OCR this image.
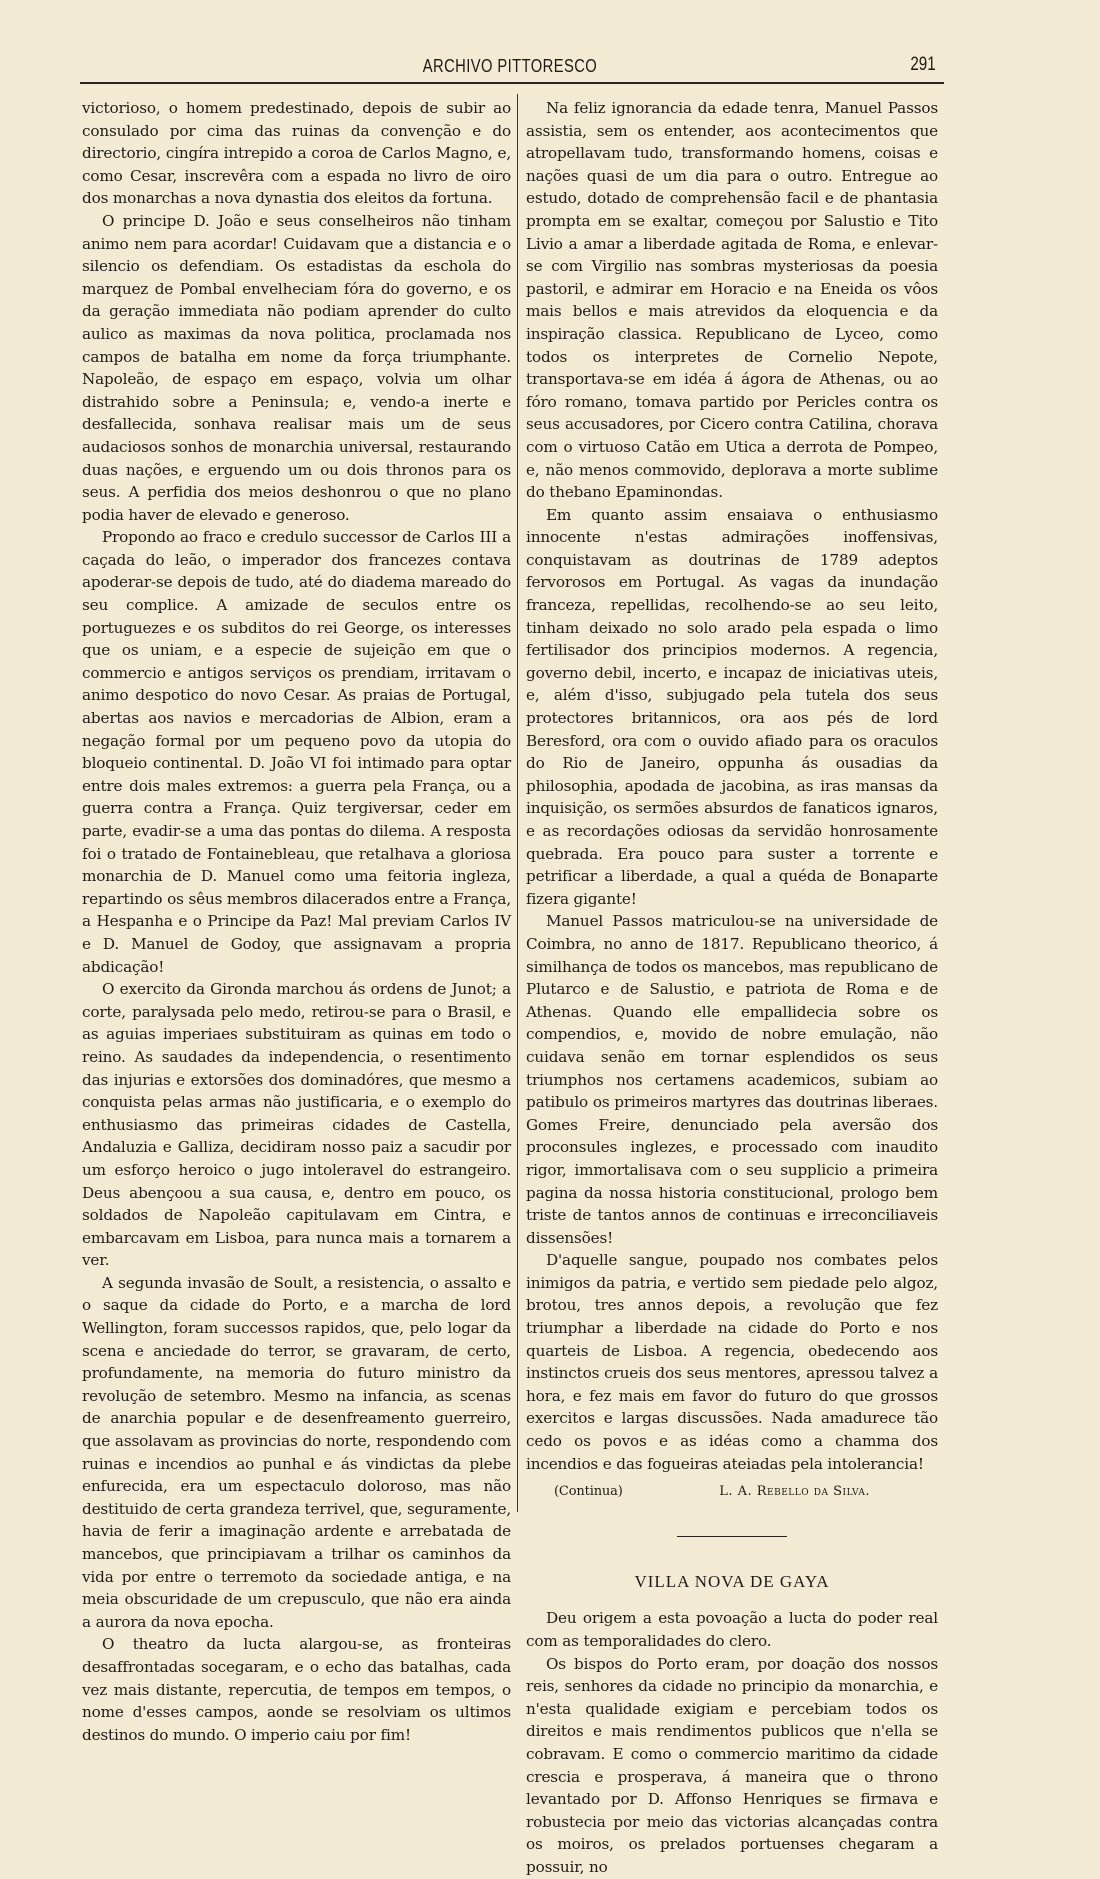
ARCHIVO PITTORESCO	291

victorioso, o homem predestinado, depois de subir ao consulado por cima das ruinas da convenção e do directorio, cingíra intrepido a coroa de Carlos Magno, e, como Cesar, inscrevêra com a espada no livro de oiro dos monarchas a nova dynastia dos eleitos da fortuna.

O principe D. João e seus conselheiros não tinham animo nem para acordar! Cuidavam que a distancia e o silencio os defendiam. Os estadistas da eschola do marquez de Pombal envelheciam fóra do governo, e os da geração immediata não podiam aprender do culto aulico as maximas da nova politica, proclamada nos campos de batalha em nome da força triumphante. Napoleão, de espaço em espaço, volvia um olhar distrahido sobre a Peninsula; e, vendo-a inerte e desfallecida, sonhava realisar mais um de seus audaciosos sonhos de monarchia universal, restaurando duas nações, e erguendo um ou dois thronos para os seus. A perfidia dos meios deshonrou o que no plano podia haver de elevado e generoso.

Propondo ao fraco e credulo successor de Carlos III a caçada do leão, o imperador dos francezes contava apoderar-se depois de tudo, até do diadema mareado do seu complice. A amizade de seculos entre os portuguezes e os subditos do rei George, os interesses que os uniam, e a especie de sujeição em que o commercio e antigos serviços os prendiam, irritavam o animo despotico do novo Cesar. As praias de Portugal, abertas aos navios e mercadorias de Albion, eram a negação formal por um pequeno povo da utopia do bloqueio continental. D. João VI foi intimado para optar entre dois males extremos: a guerra pela França, ou a guerra contra a França. Quiz tergiversar, ceder em parte, evadir-se a uma das pontas do dilema. A resposta foi o tratado de Fontainebleau, que retalhava a gloriosa monarchia de D. Manuel como uma feitoria ingleza, repartindo os sêus membros dilacerados entre a França, a Hespanha e o Principe da Paz! Mal previam Carlos IV e D. Manuel de Godoy, que assignavam a propria abdicação!

O exercito da Gironda marchou ás ordens de Junot; a corte, paralysada pelo medo, retirou-se para o Brasil, e as aguias imperiaes substituiram as quinas em todo o reino. As saudades da independencia, o resentimento das injurias e extorsões dos dominadóres, que mesmo a conquista pelas armas não justificaria, e o exemplo do enthusiasmo das primeiras cidades de Castella, Andaluzia e Galliza, decidiram nosso paiz a sacudir por um esforço heroico o jugo intoleravel do estrangeiro. Deus abençoou a sua causa, e, dentro em pouco, os soldados de Napoleão capitulavam em Cintra, e embarcavam em Lisboa, para nunca mais a tornarem a ver.

A segunda invasão de Soult, a resistencia, o assalto e o saque da cidade do Porto, e a marcha de lord Wellington, foram successos rapidos, que, pelo logar da scena e anciedade do terror, se gravaram, de certo, profundamente, na memoria do futuro ministro da revolução de setembro. Mesmo na infancia, as scenas de anarchia popular e de desenfreamento guerreiro, que assolavam as provincias do norte, respondendo com ruinas e incendios ao punhal e ás vindictas da plebe enfurecida, era um espectaculo doloroso, mas não destituido de certa grandeza terrivel, que, seguramente, havia de ferir a imaginação ardente e arrebatada de mancebos, que principiavam a trilhar os caminhos da vida por entre o terremoto da sociedade antiga, e na meia obscuridade de um crepusculo, que não era ainda a aurora da nova epocha.

O theatro da lucta alargou-se, as fronteiras desaffrontadas socegaram, e o echo das batalhas, cada vez mais distante, repercutia, de tempos em tempos, o nome d'esses campos, aonde se resolviam os ultimos destinos do mundo. O imperio caiu por fim!

Na feliz ignorancia da edade tenra, Manuel Passos assistia, sem os entender, aos acontecimentos que atropellavam tudo, transformando homens, coisas e nações quasi de um dia para o outro. Entregue ao estudo, dotado de comprehensão facil e de phantasia prompta em se exaltar, começou por Salustio e Tito Livio a amar a liberdade agitada de Roma, e enlevar-se com Virgilio nas sombras mysteriosas da poesia pastoril, e admirar em Horacio e na Eneida os vôos mais bellos e mais atrevidos da eloquencia e da inspiração classica. Republicano de Lyceo, como todos os interpretes de Cornelio Nepote, transportava-se em idéa á ágora de Athenas, ou ao fóro romano, tomava partido por Pericles contra os seus accusadores, por Cicero contra Catilina, chorava com o virtuoso Catão em Utica a derrota de Pompeo, e, não menos commovido, deplorava a morte sublime do thebano Epaminondas.

Em quanto assim ensaiava o enthusiasmo innocente n'estas admirações inoffensivas, conquistavam as doutrinas de 1789 adeptos fervorosos em Portugal. As vagas da inundação franceza, repellidas, recolhendo-se ao seu leito, tinham deixado no solo arado pela espada o limo fertilisador dos principios modernos. A regencia, governo debil, incerto, e incapaz de iniciativas uteis, e, além d'isso, subjugado pela tutela dos seus protectores britannicos, ora aos pés de lord Beresford, ora com o ouvido afiado para os oraculos do Rio de Janeiro, oppunha ás ousadias da philosophia, apodada de jacobina, as iras mansas da inquisição, os sermões absurdos de fanaticos ignaros, e as recordações odiosas da servidão honrosamente quebrada. Era pouco para suster a torrente e petrificar a liberdade, a qual a quéda de Bonaparte fizera gigante!

Manuel Passos matriculou-se na universidade de Coimbra, no anno de 1817. Republicano theorico, á similhança de todos os mancebos, mas republicano de Plutarco e de Salustio, e patriota de Roma e de Athenas. Quando elle empallidecia sobre os compendios, e, movido de nobre emulação, não cuidava senão em tornar esplendidos os seus triumphos nos certamens academicos, subiam ao patibulo os primeiros martyres das doutrinas liberaes. Gomes Freire, denunciado pela aversão dos proconsules inglezes, e processado com inaudito rigor, immortalisava com o seu supplicio a primeira pagina da nossa historia constitucional, prologo bem triste de tantos annos de continuas e irreconciliaveis dissensões!

D'aquelle sangue, poupado nos combates pelos inimigos da patria, e vertido sem piedade pelo algoz, brotou, tres annos depois, a revolução que fez triumphar a liberdade na cidade do Porto e nos quarteis de Lisboa. A regencia, obedecendo aos instinctos crueis dos seus mentores, apressou talvez a hora, e fez mais em favor do futuro do que grossos exercitos e largas discussões. Nada amadurece tão cedo os povos e as idéas como a chamma dos incendios e das fogueiras ateiadas pela intolerancia!

(Continua)	L. A. Rebello da Silva.
VILLA NOVA DE GAYA

Deu origem a esta povoação a lucta do poder real com as temporalidades do clero.

Os bispos do Porto eram, por doação dos nossos reis, senhores da cidade no principio da monarchia, e n'esta qualidade exigiam e percebiam todos os direitos e mais rendimentos publicos que n'ella se cobravam. E como o commercio maritimo da cidade crescia e prosperava, á maneira que o throno levantado por D. Affonso Henriques se firmava e robustecia por meio das victorias alcançadas contra os moiros, os prelados portuenses chegaram a possuir, no
